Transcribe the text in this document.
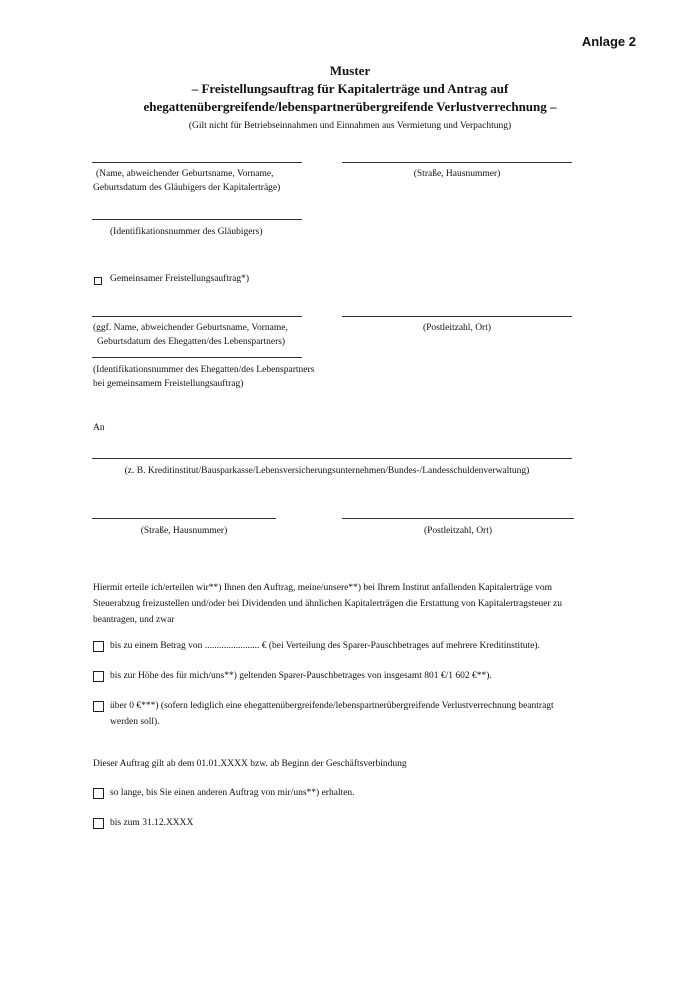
Anlage 2
Muster
– Freistellungsauftrag für Kapitalerträge und Antrag auf
ehegattenübergreifende/lebenspartnerübergreifende Verlustverrechnung –
(Gilt nicht für Betriebseinnahmen und Einnahmen aus Vermietung und Verpachtung)
(Name, abweichender Geburtsname, Vorname,
Geburtsdatum des Gläubigers der Kapitalerträge)
(Straße, Hausnummer)
(Identifikationsnummer des Gläubigers)
Gemeinsamer Freistellungsauftrag*)
(ggf. Name, abweichender Geburtsname, Vorname,
Geburtsdatum des Ehegatten/des Lebenspartners)
(Postleitzahl, Ort)
(Identifikationsnummer des Ehegatten/des Lebenspartners
bei gemeinsamem Freistellungsauftrag)
An
(z. B. Kreditinstitut/Bausparkasse/Lebensversicherungsunternehmen/Bundes-/Landesschuldenverwaltung)
(Straße, Hausnummer)	(Postleitzahl, Ort)
Hiermit erteile ich/erteilen wir**) Ihnen den Auftrag, meine/unsere**) bei Ihrem Institut anfallenden Kapitalerträge vom
Steuerabzug freizustellen und/oder bei Dividenden und ähnlichen Kapitalerträgen die Erstattung von Kapitalertragsteuer zu
beantragen, und zwar
bis zu einem Betrag von ....................... € (bei Verteilung des Sparer-Pauschbetrages auf mehrere Kreditinstitute).
bis zur Höhe des für mich/uns**) geltenden Sparer-Pauschbetrages von insgesamt 801 €/1 602 €**).
über 0 €***) (sofern lediglich eine ehegattenübergreifende/lebenspartnerübergreifende Verlustverrechnung beantragt
werden soll).
Dieser Auftrag gilt ab dem 01.01.XXXX bzw. ab Beginn der Geschäftsverbindung
so lange, bis Sie einen anderen Auftrag von mir/uns**) erhalten.
bis zum 31.12.XXXX
